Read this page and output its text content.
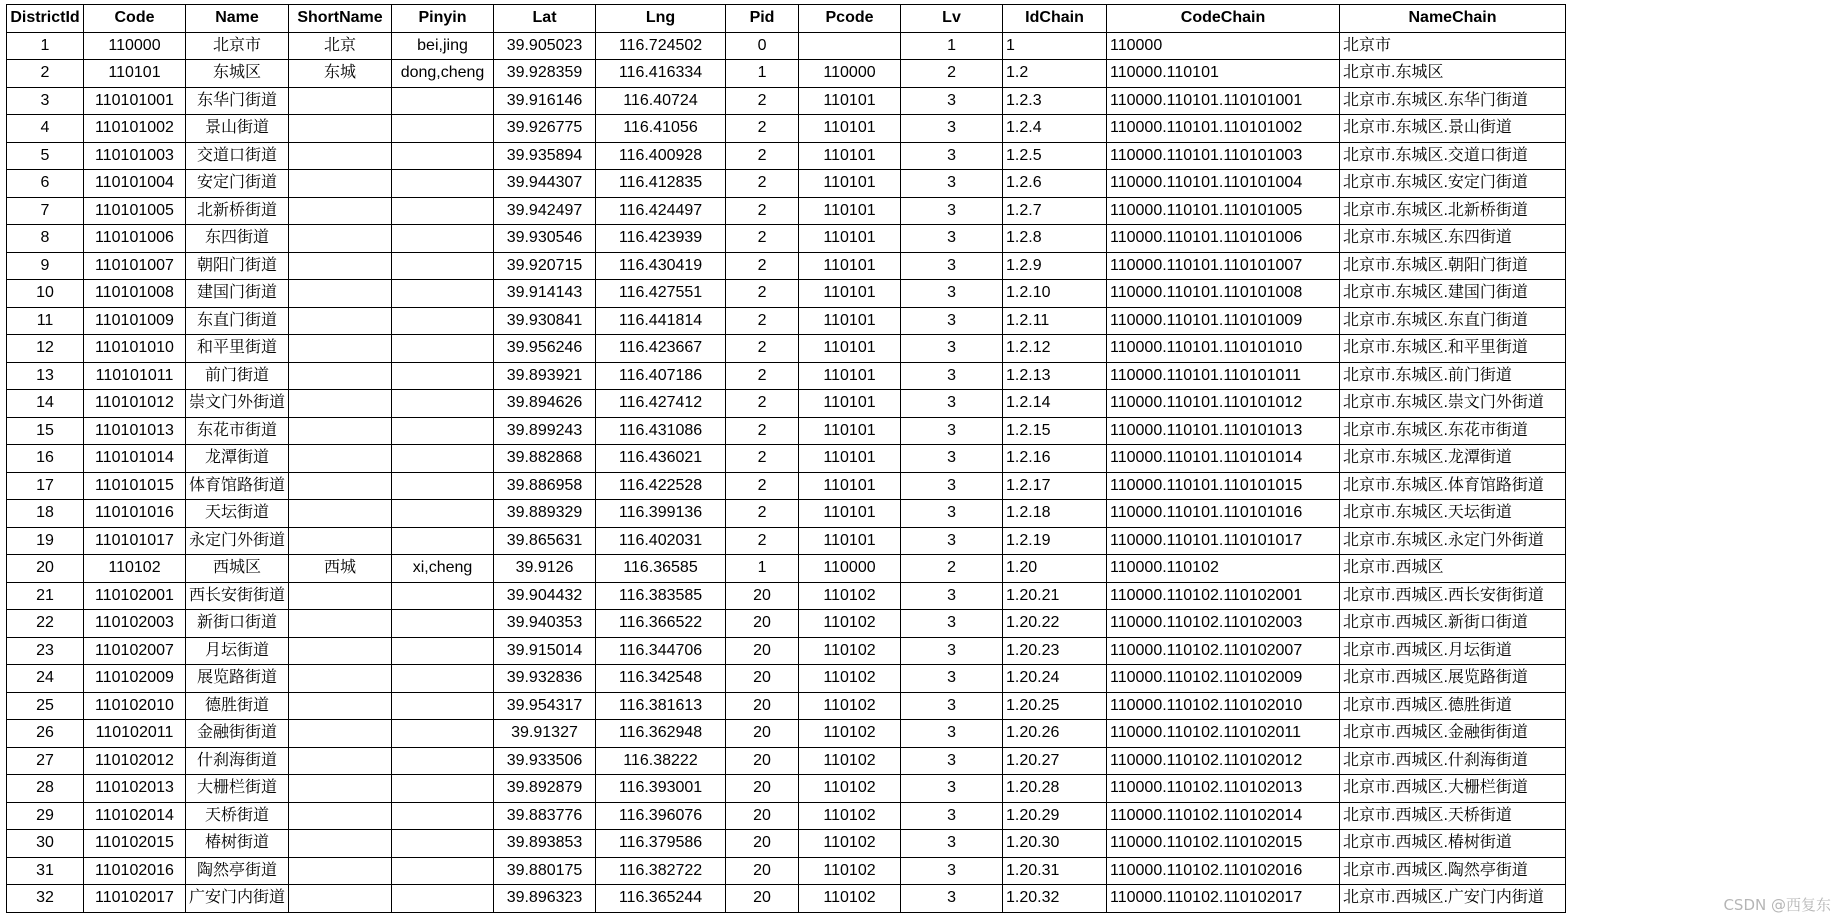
DistrictId	Code	Name	ShortName	Pinyin	Lat	Lng	Pid	Pcode	Lv	IdChain	CodeChain	NameChain
1	110000	北京市	北京	bei,jing	39.905023	116.724502	0		1	1	110000	北京市
2	110101	东城区	东城	dong,cheng	39.928359	116.416334	1	110000	2	1.2	110000.110101	北京市.东城区
3	110101001	东华门街道			39.916146	116.40724	2	110101	3	1.2.3	110000.110101.110101001	北京市.东城区.东华门街道
4	110101002	景山街道			39.926775	116.41056	2	110101	3	1.2.4	110000.110101.110101002	北京市.东城区.景山街道
5	110101003	交道口街道			39.935894	116.400928	2	110101	3	1.2.5	110000.110101.110101003	北京市.东城区.交道口街道
6	110101004	安定门街道			39.944307	116.412835	2	110101	3	1.2.6	110000.110101.110101004	北京市.东城区.安定门街道
7	110101005	北新桥街道			39.942497	116.424497	2	110101	3	1.2.7	110000.110101.110101005	北京市.东城区.北新桥街道
8	110101006	东四街道			39.930546	116.423939	2	110101	3	1.2.8	110000.110101.110101006	北京市.东城区.东四街道
9	110101007	朝阳门街道			39.920715	116.430419	2	110101	3	1.2.9	110000.110101.110101007	北京市.东城区.朝阳门街道
10	110101008	建国门街道			39.914143	116.427551	2	110101	3	1.2.10	110000.110101.110101008	北京市.东城区.建国门街道
11	110101009	东直门街道			39.930841	116.441814	2	110101	3	1.2.11	110000.110101.110101009	北京市.东城区.东直门街道
12	110101010	和平里街道			39.956246	116.423667	2	110101	3	1.2.12	110000.110101.110101010	北京市.东城区.和平里街道
13	110101011	前门街道			39.893921	116.407186	2	110101	3	1.2.13	110000.110101.110101011	北京市.东城区.前门街道
14	110101012	崇文门外街道			39.894626	116.427412	2	110101	3	1.2.14	110000.110101.110101012	北京市.东城区.崇文门外街道
15	110101013	东花市街道			39.899243	116.431086	2	110101	3	1.2.15	110000.110101.110101013	北京市.东城区.东花市街道
16	110101014	龙潭街道			39.882868	116.436021	2	110101	3	1.2.16	110000.110101.110101014	北京市.东城区.龙潭街道
17	110101015	体育馆路街道			39.886958	116.422528	2	110101	3	1.2.17	110000.110101.110101015	北京市.东城区.体育馆路街道
18	110101016	天坛街道			39.889329	116.399136	2	110101	3	1.2.18	110000.110101.110101016	北京市.东城区.天坛街道
19	110101017	永定门外街道			39.865631	116.402031	2	110101	3	1.2.19	110000.110101.110101017	北京市.东城区.永定门外街道
20	110102	西城区	西城	xi,cheng	39.9126	116.36585	1	110000	2	1.20	110000.110102	北京市.西城区
21	110102001	西长安街街道			39.904432	116.383585	20	110102	3	1.20.21	110000.110102.110102001	北京市.西城区.西长安街街道
22	110102003	新街口街道			39.940353	116.366522	20	110102	3	1.20.22	110000.110102.110102003	北京市.西城区.新街口街道
23	110102007	月坛街道			39.915014	116.344706	20	110102	3	1.20.23	110000.110102.110102007	北京市.西城区.月坛街道
24	110102009	展览路街道			39.932836	116.342548	20	110102	3	1.20.24	110000.110102.110102009	北京市.西城区.展览路街道
25	110102010	德胜街道			39.954317	116.381613	20	110102	3	1.20.25	110000.110102.110102010	北京市.西城区.德胜街道
26	110102011	金融街街道			39.91327	116.362948	20	110102	3	1.20.26	110000.110102.110102011	北京市.西城区.金融街街道
27	110102012	什刹海街道			39.933506	116.38222	20	110102	3	1.20.27	110000.110102.110102012	北京市.西城区.什刹海街道
28	110102013	大栅栏街道			39.892879	116.393001	20	110102	3	1.20.28	110000.110102.110102013	北京市.西城区.大栅栏街道
29	110102014	天桥街道			39.883776	116.396076	20	110102	3	1.20.29	110000.110102.110102014	北京市.西城区.天桥街道
30	110102015	椿树街道			39.893853	116.379586	20	110102	3	1.20.30	110000.110102.110102015	北京市.西城区.椿树街道
31	110102016	陶然亭街道			39.880175	116.382722	20	110102	3	1.20.31	110000.110102.110102016	北京市.西城区.陶然亭街道
32	110102017	广安门内街道			39.896323	116.365244	20	110102	3	1.20.32	110000.110102.110102017	北京市.西城区.广安门内街道	CSDN @西复东
